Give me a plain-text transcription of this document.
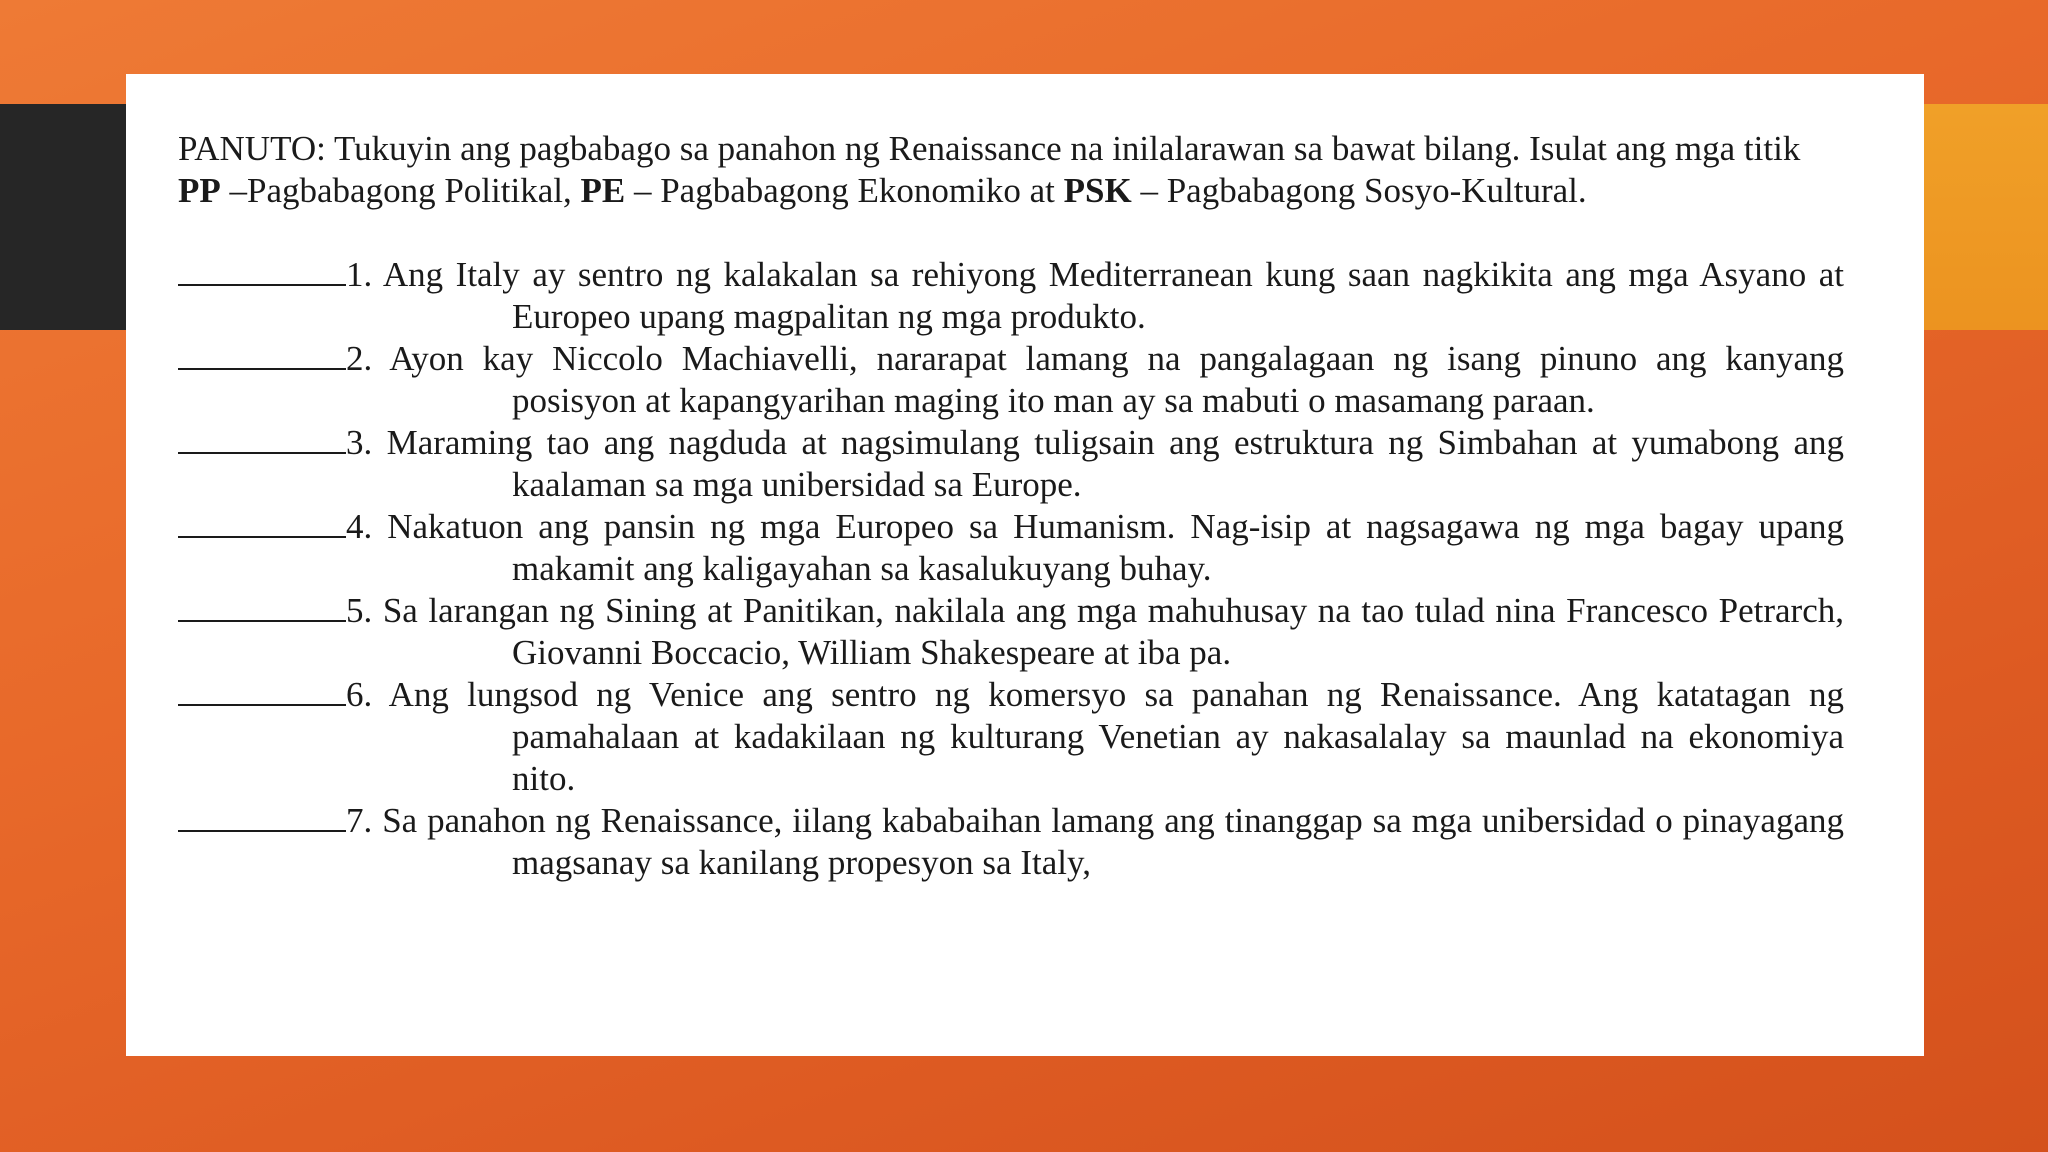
PANUTO: Tukuyin ang pagbabago sa panahon ng Renaissance na inilalarawan sa bawat bilang. Isulat ang mga titik PP –Pagbabagong Politikal, PE – Pagbabagong Ekonomiko at PSK – Pagbabagong Sosyo-Kultural.

1. Ang Italy ay sentro ng kalakalan sa rehiyong Mediterranean kung saan nagkikita ang mga Asyano at Europeo upang magpalitan ng mga produkto.
2. Ayon kay Niccolo Machiavelli, nararapat lamang na pangalagaan ng isang pinuno ang kanyang posisyon at kapangyarihan maging ito man ay sa mabuti o masamang paraan.
3. Maraming tao ang nagduda at nagsimulang tuligsain ang estruktura ng Simbahan at yumabong ang kaalaman sa mga unibersidad sa Europe.
4. Nakatuon ang pansin ng mga Europeo sa Humanism. Nag-isip at nagsagawa ng mga bagay upang makamit ang kaligayahan sa kasalukuyang buhay.
5. Sa larangan ng Sining at Panitikan, nakilala ang mga mahuhusay na tao tulad nina Francesco Petrarch, Giovanni Boccacio, William Shakespeare at iba pa.
6. Ang lungsod ng Venice ang sentro ng komersyo sa panahan ng Renaissance. Ang katatagan ng pamahalaan at kadakilaan ng kulturang Venetian ay nakasalalay sa maunlad na ekonomiya nito.
7. Sa panahon ng Renaissance, iilang kababaihan lamang ang tinanggap sa mga unibersidad o pinayagang magsanay sa kanilang propesyon sa Italy,
